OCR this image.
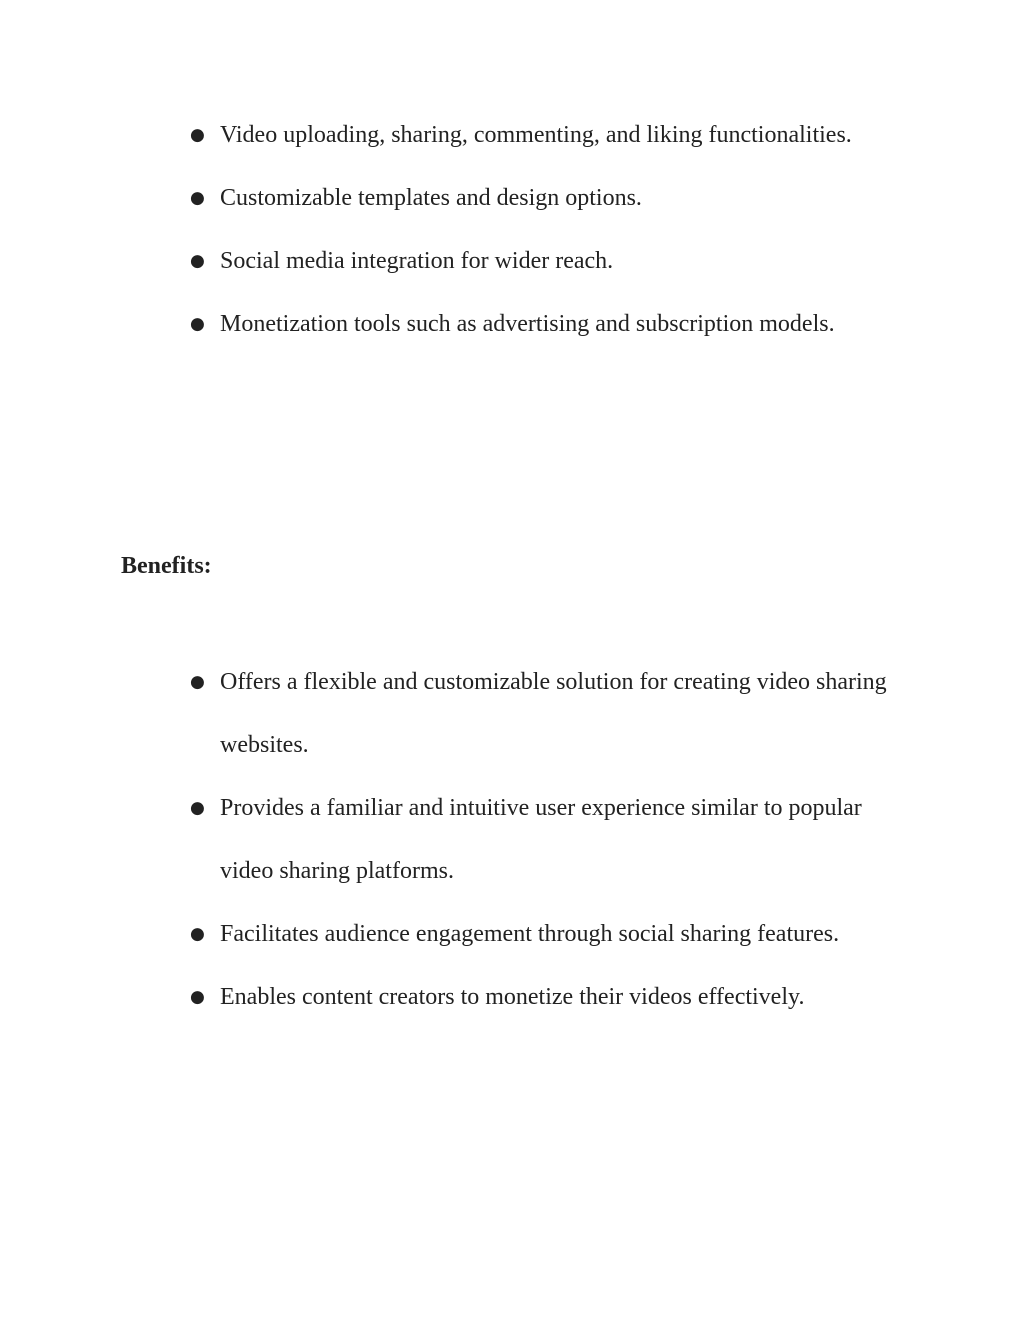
● Video uploading, sharing, commenting, and liking functionalities.
● Customizable templates and design options.
● Social media integration for wider reach.
● Monetization tools such as advertising and subscription models.
Benefits:
● Offers a flexible and customizable solution for creating video sharing websites.
● Provides a familiar and intuitive user experience similar to popular video sharing platforms.
● Facilitates audience engagement through social sharing features.
● Enables content creators to monetize their videos effectively.
